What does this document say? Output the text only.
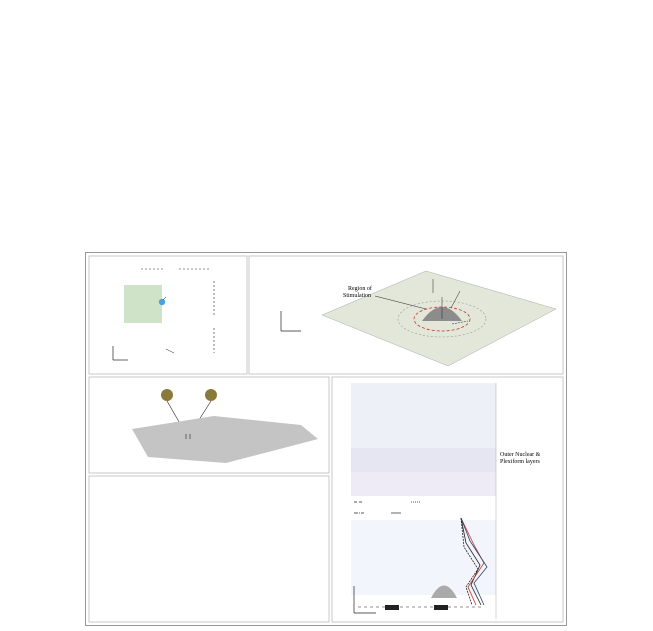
Region of Stimulation
Outer Nuclear & Plexiform layers
